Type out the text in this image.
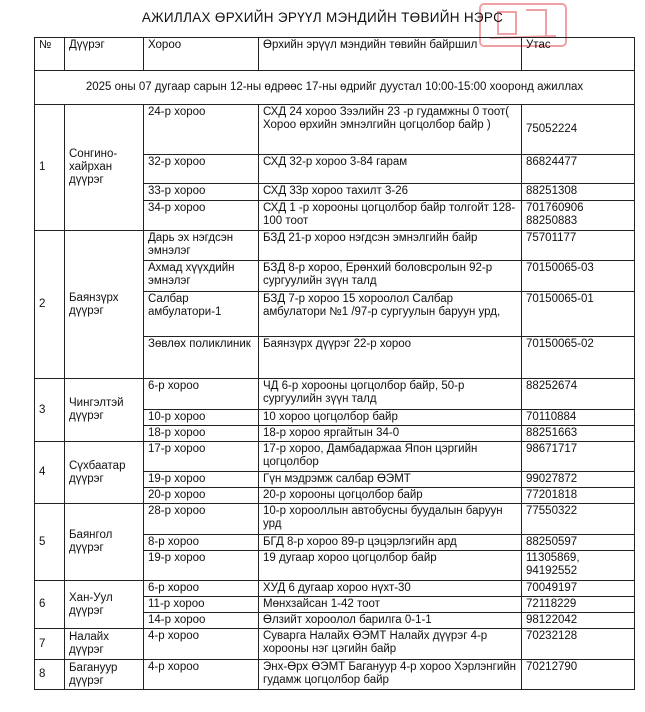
АЖИЛЛАХ ӨРХИЙН ЭРҮҮЛ МЭНДИЙН ТӨВИЙН НЭРС
№	Дүүрэг	Хороо	Өрхийн эрүүл мэндийн төвийн байршил	Утас
2025 оны 07 дугаар сарын 12-ны өдрөөс 17-ны өдрийг дуустал 10:00-15:00 хооронд ажиллах				
1	Сонгино-хайрхан дүүрэг	24-р хороо	СХД 24 хороо Зээлийн 23 -р гудамжны 0 тоот( Хороо өрхийн эмнэлгийн цогцолбор байр )	75052224
		32-р хороо	СХД 32-р хороо 3-84 гарам	86824477
		33-р хороо	СХД 33р хороо тахилт 3-26	88251308
		34-р хороо	СХД 1 -р хорооны цогцолбор байр толгойт 128-100 тоот	701760906 88250883
2	Баянзүрх дүүрэг	Дарь эх нэгдсэн эмнэлэг	БЗД 21-р хороо нэгдсэн эмнэлгийн байр	75701177
		Ахмад хүүхдийн эмнэлэг	БЗД 8-р хороо, Ерөнхий боловсролын 92-р сургуулийн зүүн талд	70150065-03
		Салбар амбулатори-1	БЗД 7-р хороо 15 хороолол Салбар амбулатори №1 /97-р сургуулын баруун урд,	70150065-01
		Зөвлөх поликлиник	Баянзүрх дүүрэг 22-р хороо	70150065-02
3	Чингэлтэй дүүрэг	6-р хороо	ЧД 6-р хорооны цогцолбор байр, 50-р сургуулийн зүүн талд	88252674
		10-р хороо	10 хороо цогцолбор байр	70110884
		18-р хороо	18-р хороо яргайтын 34-0	88251663
4	Сүхбаатар дүүрэг	17-р хороо	17-р хороо, Дамбадаржаа Япон цэргийн цогцолбор	98671717
		19-р хороо	Гүн мэдрэмж салбар ӨЭМТ	99027872
		20-р хороо	20-р хорооны цогцолбор байр	77201818
5	Баянгол дүүрэг	28-р хороо	10-р хорооллын автобусны буудалын баруун урд	77550322
		8-р хороо	БГД 8-р хороо 89-р цэцэрлэгийн ард	88250597
		19-р хороо	19 дугаар хороо цогцолбор байр	11305869, 94192552
6	Хан-Уул дүүрэг	6-р хороо	ХУД 6 дугаар хороо нүхт-30	70049197
		11-р хороо	Мөнхзайсан 1-42 тоот	72118229
		14-р хороо	Өлзийт хороолол барилга 0-1-1	98122042
7	Налайх дүүрэг	4-р хороо	Суварга Налайх ӨЭМТ Налайх дүүрэг 4-р хорооны нэг цэгийн байр	70232128
8	Багануур дүүрэг	4-р хороо	Энх-Өрх ӨЭМТ Багануур 4-р хороо Хэрлэнгийн гудамж цогцолбор байр	70212790
